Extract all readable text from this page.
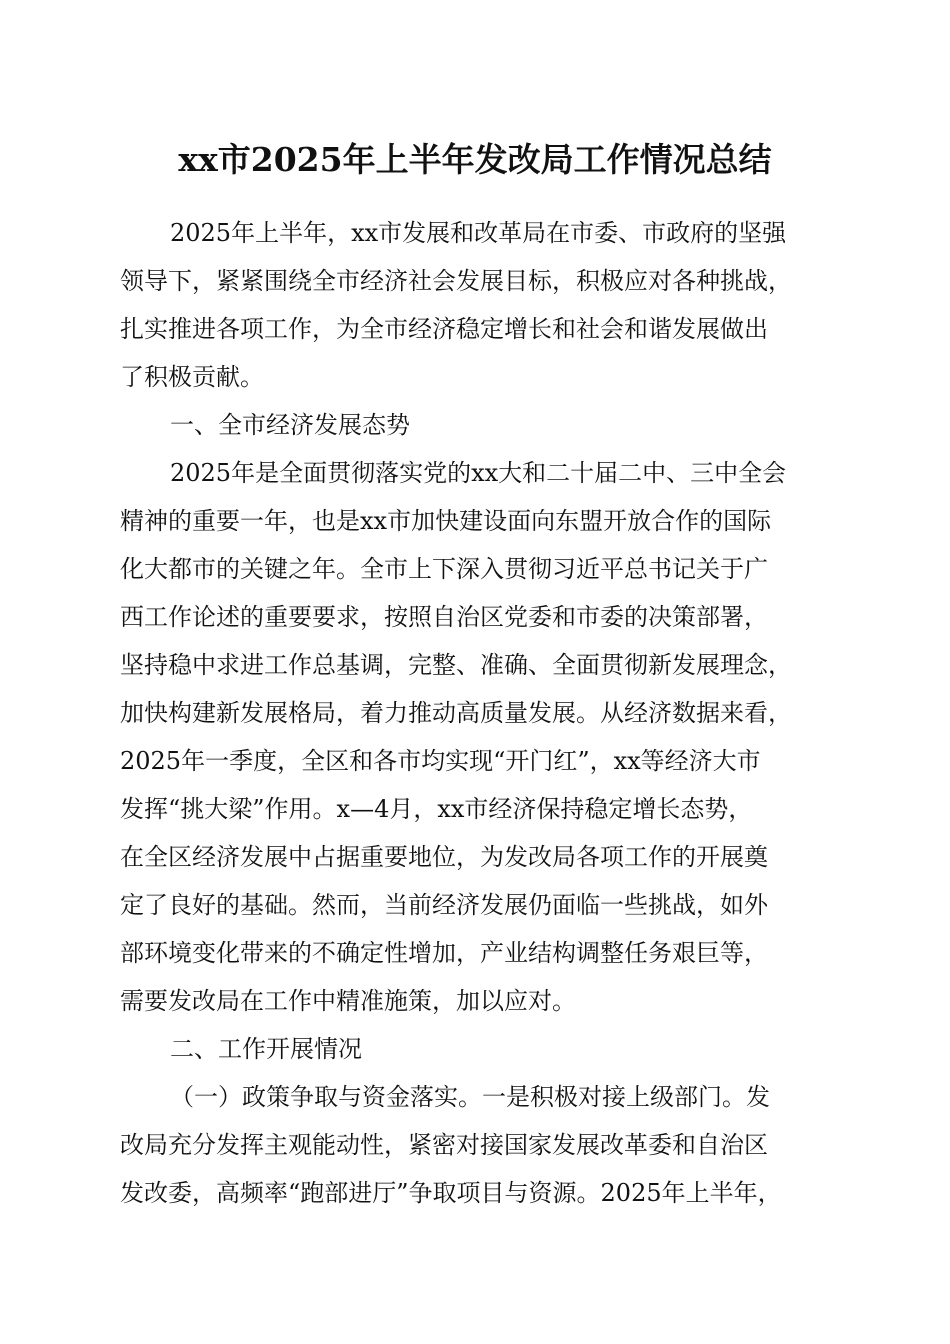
xx市2025年上半年发改局工作情况总结
2025年上半年，xx市发展和改革局在市委、市政府的坚强
领导下，紧紧围绕全市经济社会发展目标，积极应对各种挑战，
扎实推进各项工作，为全市经济稳定增长和社会和谐发展做出
了积极贡献。
一、全市经济发展态势
2025年是全面贯彻落实党的xx大和二十届二中、三中全会
精神的重要一年，也是xx市加快建设面向东盟开放合作的国际
化大都市的关键之年。全市上下深入贯彻习近平总书记关于广
西工作论述的重要要求，按照自治区党委和市委的决策部署，
坚持稳中求进工作总基调，完整、准确、全面贯彻新发展理念，
加快构建新发展格局，着力推动高质量发展。从经济数据来看，
2025年一季度，全区和各市均实现“开门红”，xx等经济大市
发挥“挑大梁”作用。x—4月，xx市经济保持稳定增长态势，
在全区经济发展中占据重要地位，为发改局各项工作的开展奠
定了良好的基础。然而，当前经济发展仍面临一些挑战，如外
部环境变化带来的不确定性增加，产业结构调整任务艰巨等，
需要发改局在工作中精准施策，加以应对。
二、工作开展情况
（一）政策争取与资金落实。一是积极对接上级部门。发
改局充分发挥主观能动性，紧密对接国家发展改革委和自治区
发改委，高频率“跑部进厅”争取项目与资源。2025年上半年，
